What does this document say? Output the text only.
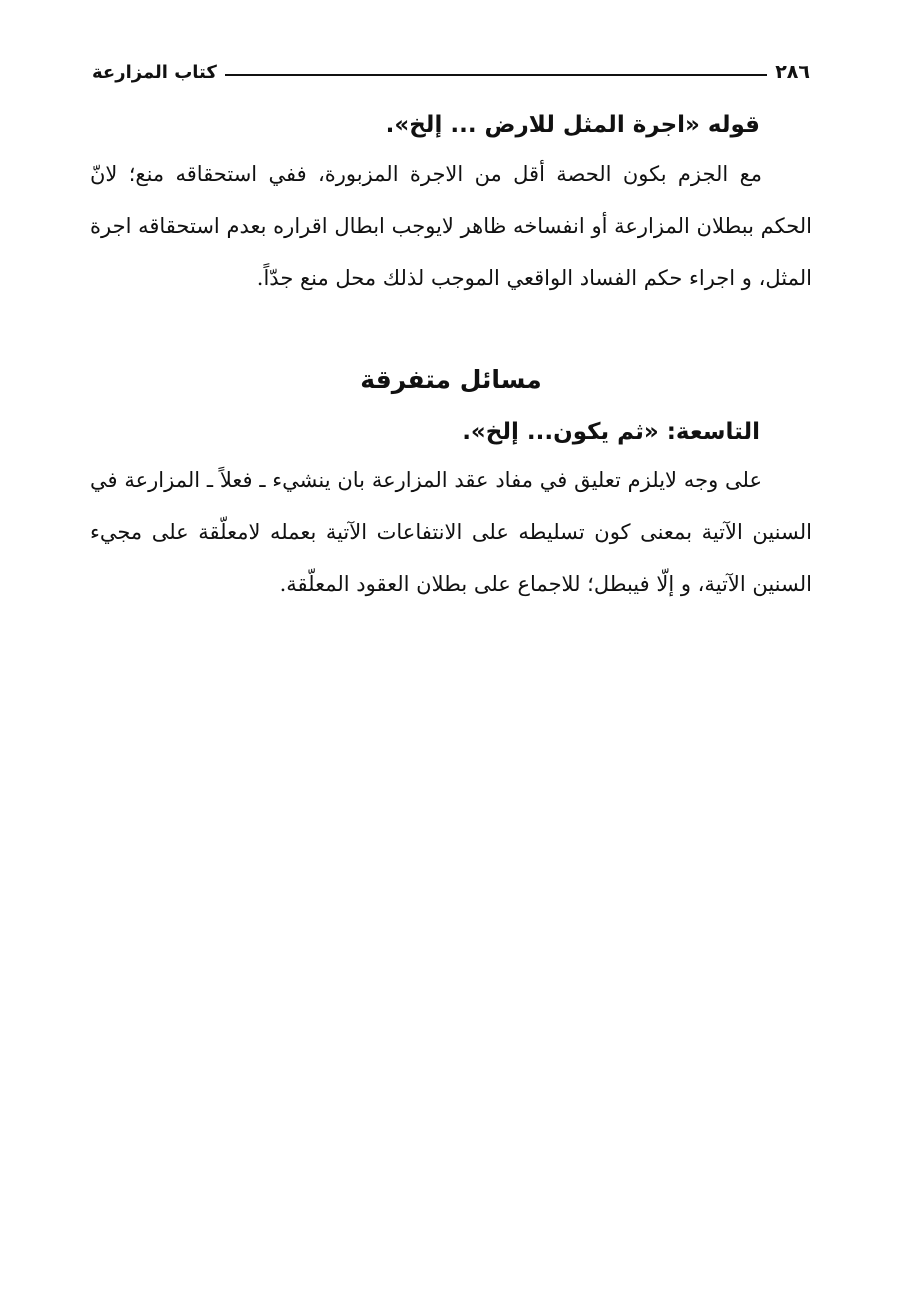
٢٨٦
كتاب المزارعة

قوله «اجرة المثل للارض ... إلخ».

مع الجزم بكون الحصة أقل من الاجرة المزبورة، ففي استحقاقه منع؛ لانّ الحكم ببطلان المزارعة أو انفساخه ظاهر لايوجب ابطال اقراره بعدم استحقاقه اجرة المثل، و اجراء حكم الفساد الواقعي الموجب لذلك محل منع جدّاً.

مسائل متفرقة

التاسعة: «ثم يكون... إلخ».

على وجه لايلزم تعليق في مفاد عقد المزارعة بان ينشيء ـ فعلاً ـ المزارعة في السنين الآتية بمعنى كون تسليطه على الانتفاعات الآتية بعمله لامعلّقة على مجيء السنين الآتية، و إلّا فيبطل؛ للاجماع على بطلان العقود المعلّقة.
